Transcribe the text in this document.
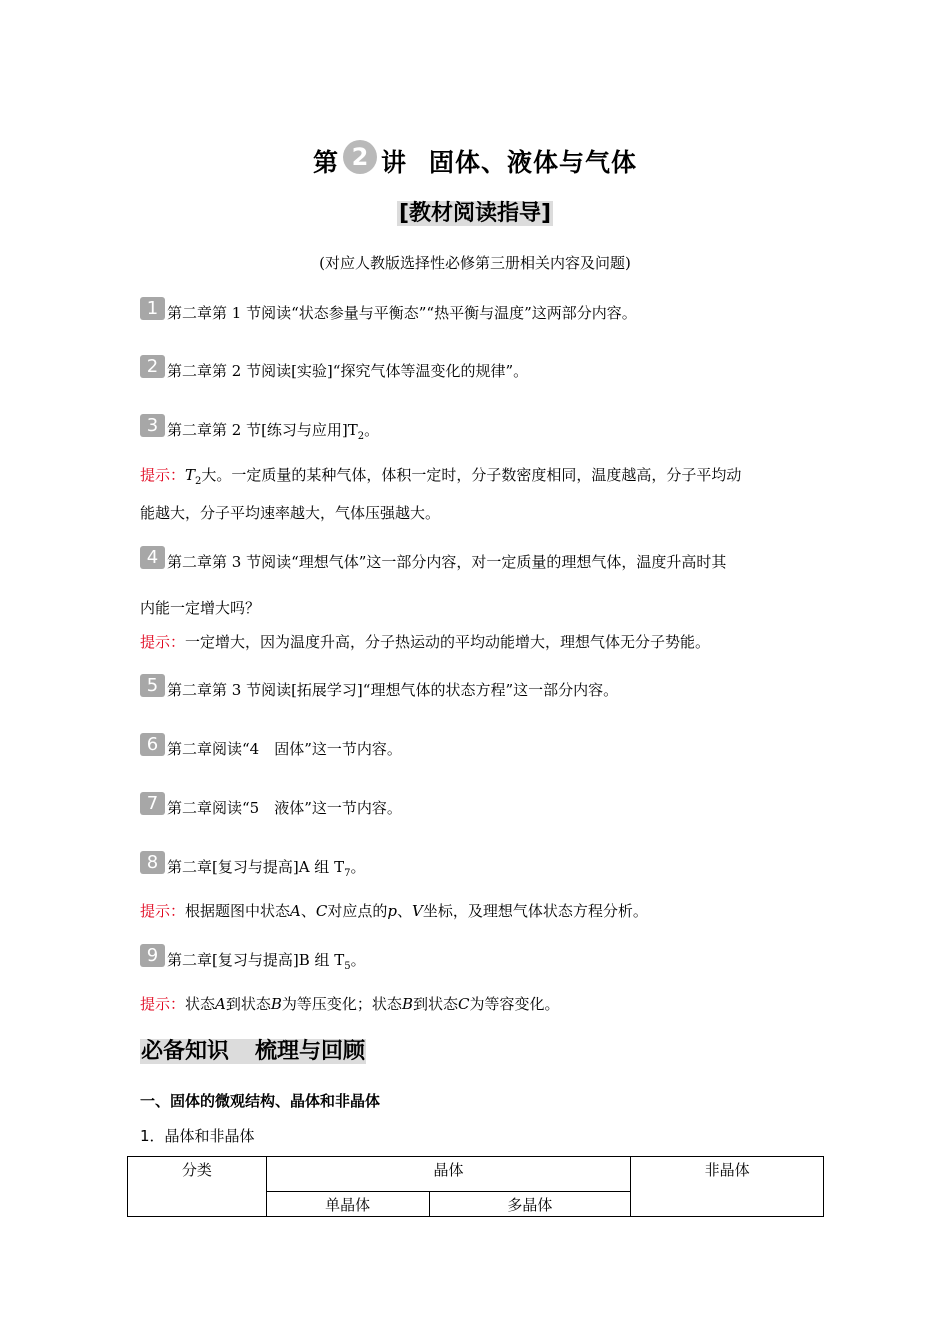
第 2 讲 固体、液体与气体
[教材阅读指导]
(对应人教版选择性必修第三册相关内容及问题)
1 第二章第 1 节阅读“状态参量与平衡态”“热平衡与温度”这两部分内容。
2 第二章第 2 节阅读[实验]“探究气体等温变化的规律”。
3 第二章第 2 节[练习与应用]$T_2$。
提示：$T_2$大。一定质量的某种气体，体积一定时，分子数密度相同，温度越高，分子平均动
能越大，分子平均速率越大，气体压强越大。
4 第二章第 3 节阅读“理想气体”这一部分内容，对一定质量的理想气体，温度升高时其
内能一定增大吗？
提示：一定增大，因为温度升高，分子热运动的平均动能增大，理想气体无分子势能。
5 第二章第 3 节阅读[拓展学习]“理想气体的状态方程”这一部分内容。
6 第二章阅读“4　固体”这一节内容。
7 第二章阅读“5　液体”这一节内容。
8 第二章[复习与提高]A 组 $T_7$。
提示：根据题图中状态A、C对应点的p、V坐标，及理想气体状态方程分析。
9 第二章[复习与提高]B 组 $T_5$。
提示：状态A到状态B为等压变化；状态B到状态C为等容变化。
必备知识　 梳理与回顾
一、固体的微观结构、晶体和非晶体
1．晶体和非晶体
分类	晶体		非晶体
	单晶体	多晶体	
